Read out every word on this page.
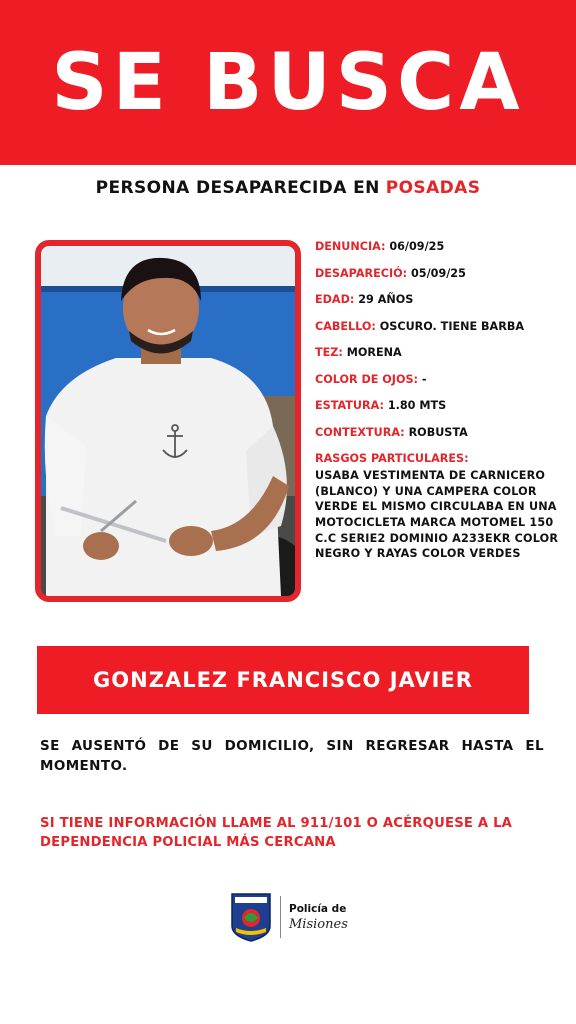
SE BUSCA
PERSONA DESAPARECIDA EN POSADAS
DENUNCIA: 06/09/25
DESAPARECIÓ: 05/09/25
EDAD: 29 AÑOS
CABELLO: OSCURO. TIENE BARBA
TEZ: MORENA
COLOR DE OJOS: -
ESTATURA: 1.80 MTS
CONTEXTURA: ROBUSTA
RASGOS PARTICULARES:
USABA VESTIMENTA DE CARNICERO (BLANCO) Y UNA CAMPERA COLOR VERDE EL MISMO CIRCULABA EN UNA MOTOCICLETA MARCA MOTOMEL 150 C.C SERIE2 DOMINIO A233EKR COLOR NEGRO Y RAYAS COLOR VERDES
GONZALEZ FRANCISCO JAVIER

SE AUSENTÓ DE SU DOMICILIO, SIN REGRESAR HASTA EL MOMENTO.

SI TIENE INFORMACIÓN LLAME AL 911/101 O ACÉRQUESE A LA DEPENDENCIA POLICIAL MÁS CERCANA

Policía de
Misiones
